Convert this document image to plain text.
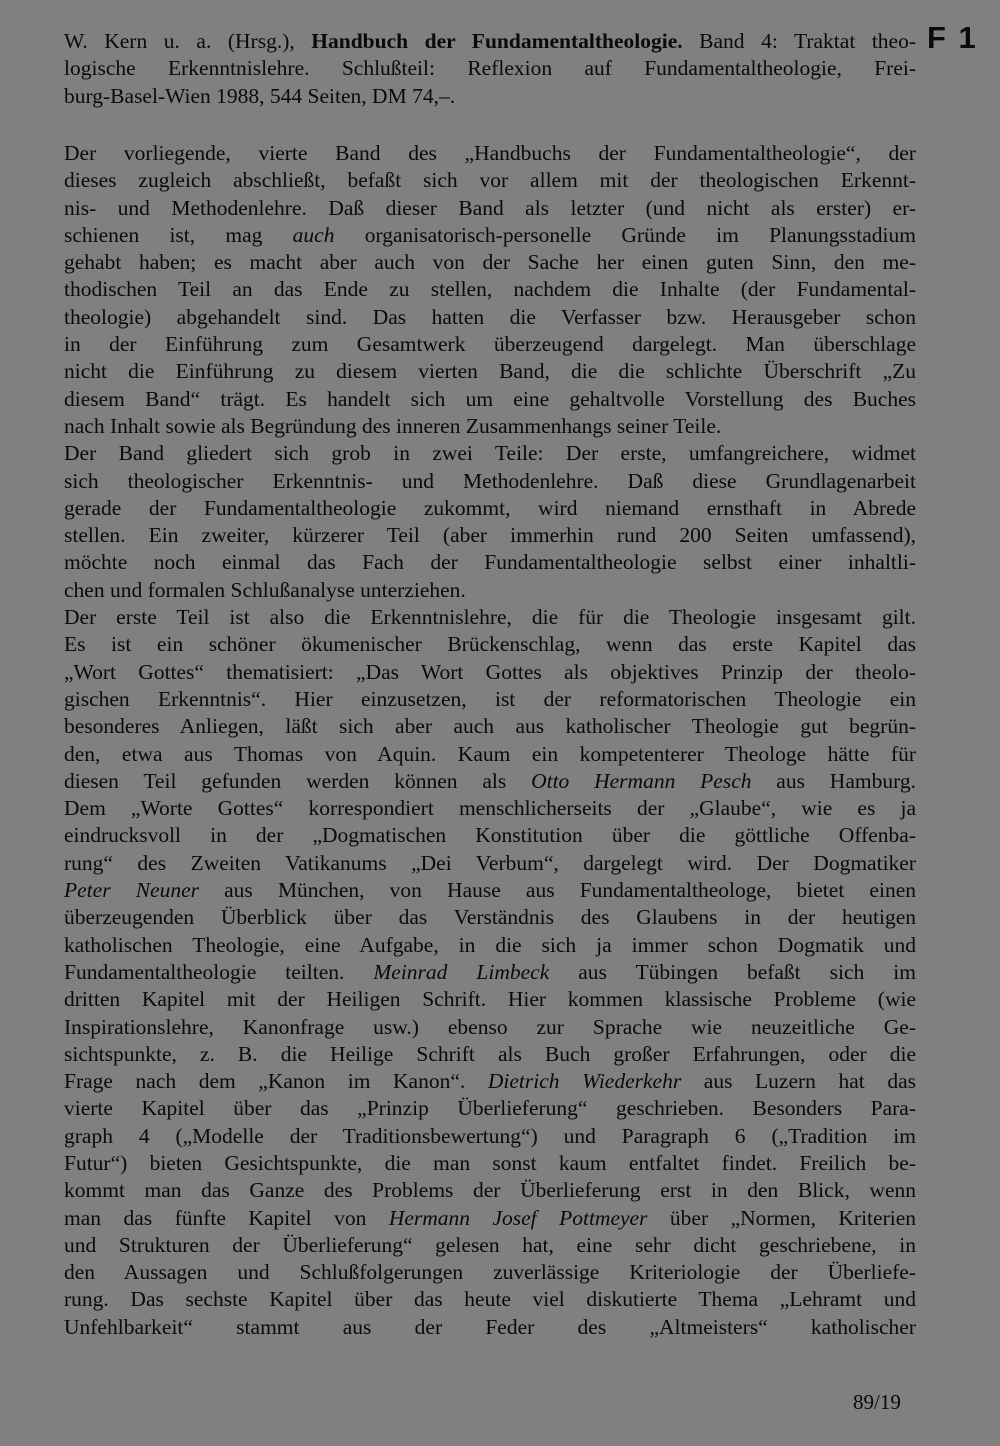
F 1
W. Kern u. a. (Hrsg.), Handbuch der Fundamentaltheologie. Band 4: Traktat theo-
logische Erkenntnislehre. Schlußteil: Reflexion auf Fundamentaltheologie, Frei-
burg-Basel-Wien 1988, 544 Seiten, DM 74,–.
Der vorliegende, vierte Band des „Handbuchs der Fundamentaltheologie“, der
dieses zugleich abschließt, befaßt sich vor allem mit der theologischen Erkennt-
nis- und Methodenlehre. Daß dieser Band als letzter (und nicht als erster) er-
schienen ist, mag auch organisatorisch-personelle Gründe im Planungsstadium
gehabt haben; es macht aber auch von der Sache her einen guten Sinn, den me-
thodischen Teil an das Ende zu stellen, nachdem die Inhalte (der Fundamental-
theologie) abgehandelt sind. Das hatten die Verfasser bzw. Herausgeber schon
in der Einführung zum Gesamtwerk überzeugend dargelegt. Man überschlage
nicht die Einführung zu diesem vierten Band, die die schlichte Überschrift „Zu
diesem Band“ trägt. Es handelt sich um eine gehaltvolle Vorstellung des Buches
nach Inhalt sowie als Begründung des inneren Zusammenhangs seiner Teile.
Der Band gliedert sich grob in zwei Teile: Der erste, umfangreichere, widmet
sich theologischer Erkenntnis- und Methodenlehre. Daß diese Grundlagenarbeit
gerade der Fundamentaltheologie zukommt, wird niemand ernsthaft in Abrede
stellen. Ein zweiter, kürzerer Teil (aber immerhin rund 200 Seiten umfassend),
möchte noch einmal das Fach der Fundamentaltheologie selbst einer inhaltli-
chen und formalen Schlußanalyse unterziehen.
Der erste Teil ist also die Erkenntnislehre, die für die Theologie insgesamt gilt.
Es ist ein schöner ökumenischer Brückenschlag, wenn das erste Kapitel das
„Wort Gottes“ thematisiert: „Das Wort Gottes als objektives Prinzip der theolo-
gischen Erkenntnis“. Hier einzusetzen, ist der reformatorischen Theologie ein
besonderes Anliegen, läßt sich aber auch aus katholischer Theologie gut begrün-
den, etwa aus Thomas von Aquin. Kaum ein kompetenterer Theologe hätte für
diesen Teil gefunden werden können als Otto Hermann Pesch aus Hamburg.
Dem „Worte Gottes“ korrespondiert menschlicherseits der „Glaube“, wie es ja
eindrucksvoll in der „Dogmatischen Konstitution über die göttliche Offenba-
rung“ des Zweiten Vatikanums „Dei Verbum“, dargelegt wird. Der Dogmatiker
Peter Neuner aus München, von Hause aus Fundamentaltheologe, bietet einen
überzeugenden Überblick über das Verständnis des Glaubens in der heutigen
katholischen Theologie, eine Aufgabe, in die sich ja immer schon Dogmatik und
Fundamentaltheologie teilten. Meinrad Limbeck aus Tübingen befaßt sich im
dritten Kapitel mit der Heiligen Schrift. Hier kommen klassische Probleme (wie
Inspirationslehre, Kanonfrage usw.) ebenso zur Sprache wie neuzeitliche Ge-
sichtspunkte, z. B. die Heilige Schrift als Buch großer Erfahrungen, oder die
Frage nach dem „Kanon im Kanon“. Dietrich Wiederkehr aus Luzern hat das
vierte Kapitel über das „Prinzip Überlieferung“ geschrieben. Besonders Para-
graph 4 („Modelle der Traditionsbewertung“) und Paragraph 6 („Tradition im
Futur“) bieten Gesichtspunkte, die man sonst kaum entfaltet findet. Freilich be-
kommt man das Ganze des Problems der Überlieferung erst in den Blick, wenn
man das fünfte Kapitel von Hermann Josef Pottmeyer über „Normen, Kriterien
und Strukturen der Überlieferung“ gelesen hat, eine sehr dicht geschriebene, in
den Aussagen und Schlußfolgerungen zuverlässige Kriteriologie der Überliefe-
rung. Das sechste Kapitel über das heute viel diskutierte Thema „Lehramt und
Unfehlbarkeit“ stammt aus der Feder des „Altmeisters“ katholischer
89/19
